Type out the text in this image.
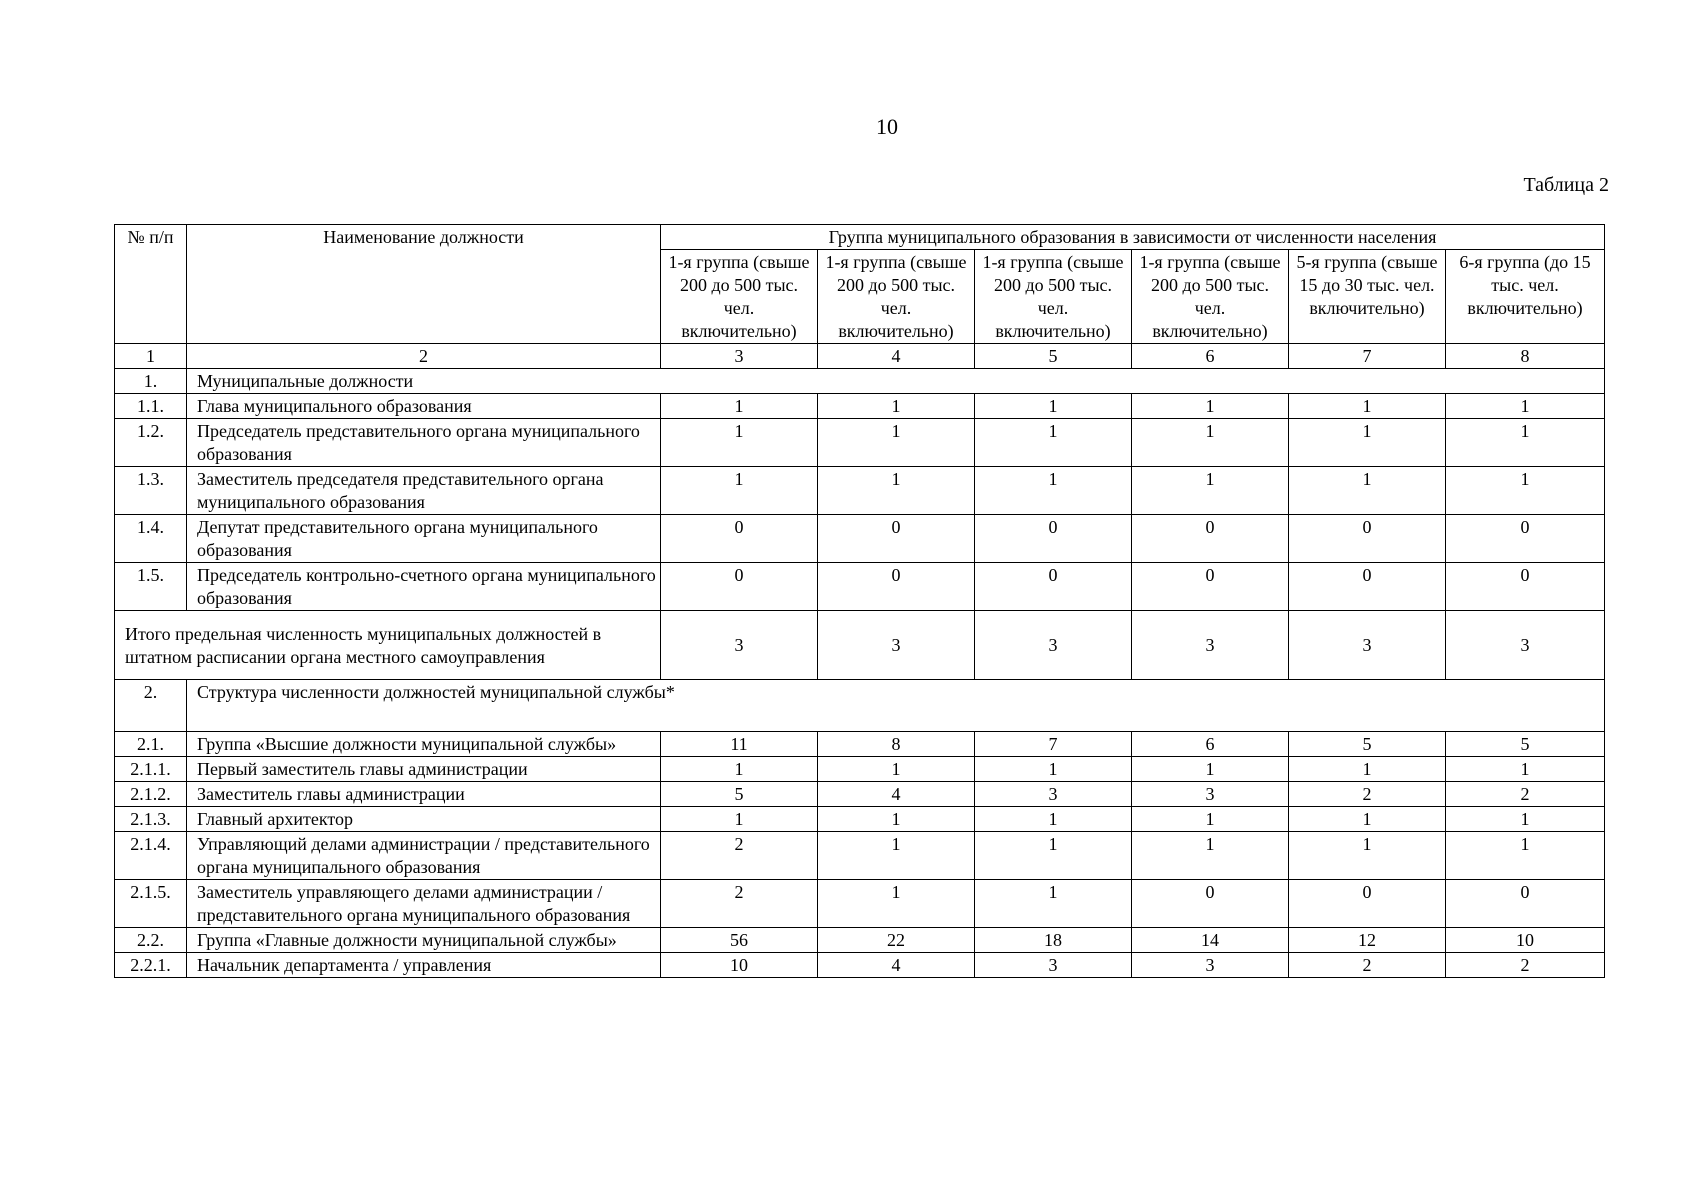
10
Таблица 2
№ п/п	Наименование должности	Группа муниципального образования в зависимости от численности населения					
		1-я группа (свыше 200 до 500 тыс. чел. включительно)	1-я группа (свыше 200 до 500 тыс. чел. включительно)	1-я группа (свыше 200 до 500 тыс. чел. включительно)	1-я группа (свыше 200 до 500 тыс. чел. включительно)	5-я группа (свыше 15 до 30 тыс. чел. включительно)	6-я группа (до 15 тыс. чел. включительно)
1	2	3	4	5	6	7	8
1.	Муниципальные должности						
1.1.	Глава муниципального образования	1	1	1	1	1	1
1.2.	Председатель представительного органа муниципального образования	1	1	1	1	1	1
1.3.	Заместитель председателя представительного органа муниципального образования	1	1	1	1	1	1
1.4.	Депутат представительного органа муниципального образования	0	0	0	0	0	0
1.5.	Председатель контрольно-счетного органа муниципального образования	0	0	0	0	0	0
Итого предельная численность муниципальных должностей в штатном расписании органа местного самоуправления		3	3	3	3	3	3
2.	Структура численности должностей муниципальной службы*						
2.1.	Группа «Высшие должности муниципальной службы»	11	8	7	6	5	5
2.1.1.	Первый заместитель главы администрации	1	1	1	1	1	1
2.1.2.	Заместитель главы администрации	5	4	3	3	2	2
2.1.3.	Главный архитектор	1	1	1	1	1	1
2.1.4.	Управляющий делами администрации / представительного органа муниципального образования	2	1	1	1	1	1
2.1.5.	Заместитель управляющего делами администрации / представительного органа муниципального образования	2	1	1	0	0	0
2.2.	Группа «Главные должности муниципальной службы»	56	22	18	14	12	10
2.2.1.	Начальник департамента / управления	10	4	3	3	2	2
